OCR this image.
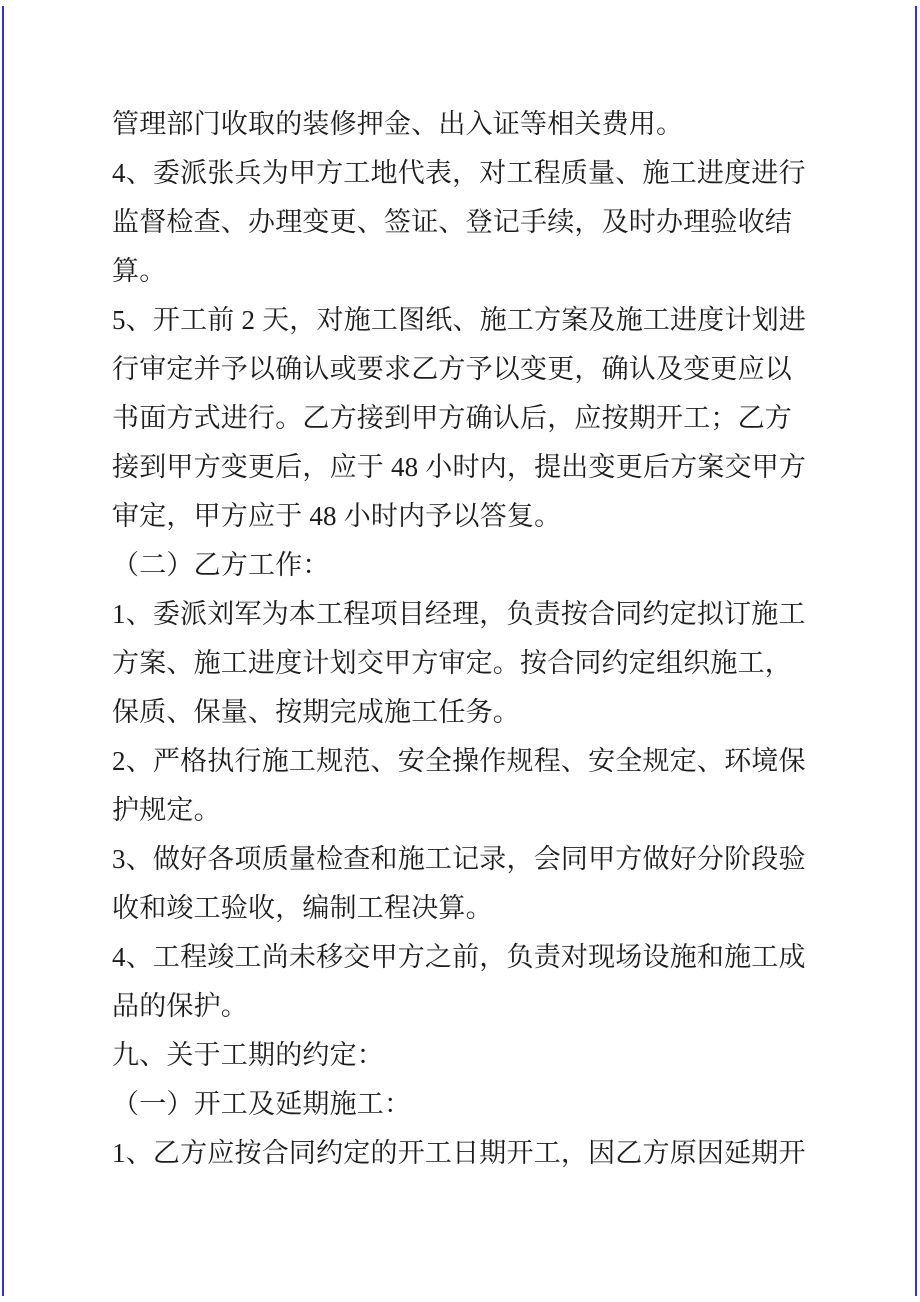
管理部门收取的装修押金、出入证等相关费用。
4、委派张兵为甲方工地代表，对工程质量、施工进度进行
监督检查、办理变更、签证、登记手续，及时办理验收结
算。
5、开工前 2 天，对施工图纸、施工方案及施工进度计划进
行审定并予以确认或要求乙方予以变更，确认及变更应以
书面方式进行。乙方接到甲方确认后，应按期开工；乙方
接到甲方变更后，应于 48 小时内，提出变更后方案交甲方
审定，甲方应于 48 小时内予以答复。
（二）乙方工作：
1、委派刘军为本工程项目经理，负责按合同约定拟订施工
方案、施工进度计划交甲方审定。按合同约定组织施工，
保质、保量、按期完成施工任务。
2、严格执行施工规范、安全操作规程、安全规定、环境保
护规定。
3、做好各项质量检查和施工记录，会同甲方做好分阶段验
收和竣工验收，编制工程决算。
4、工程竣工尚未移交甲方之前，负责对现场设施和施工成
品的保护。
九、关于工期的约定：
（一）开工及延期施工：
1、乙方应按合同约定的开工日期开工，因乙方原因延期开
